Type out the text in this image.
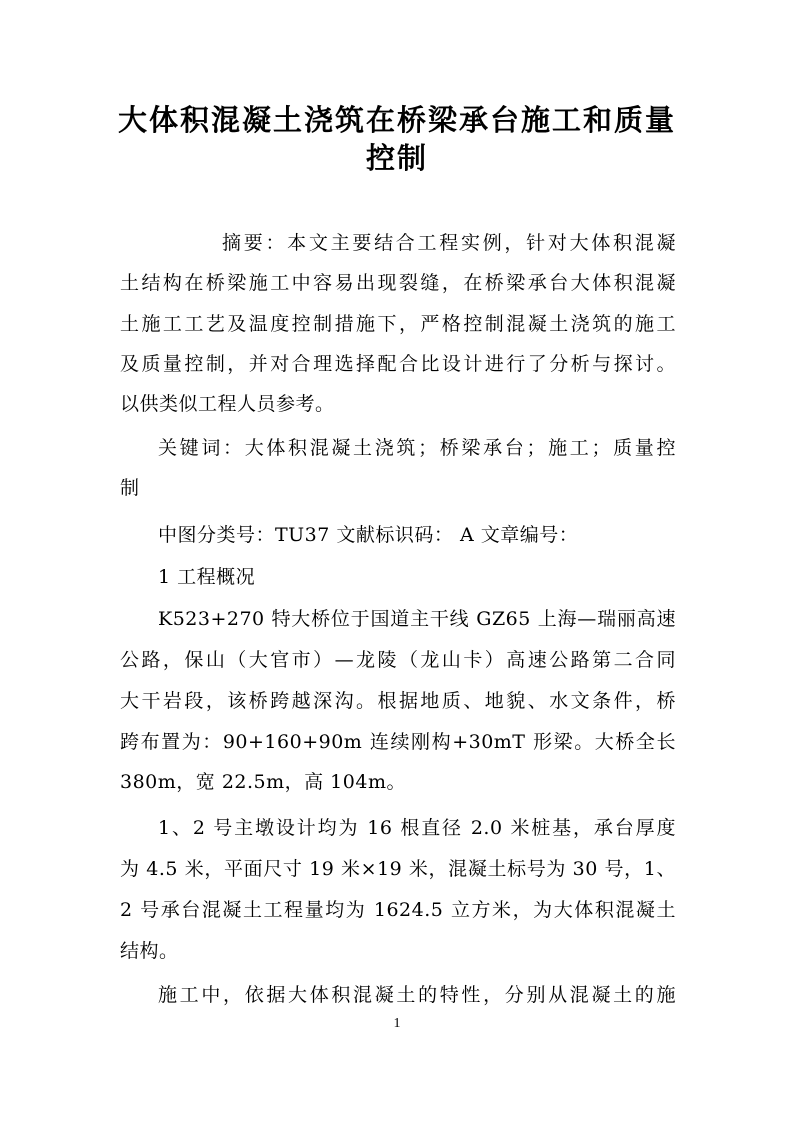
大体积混凝土浇筑在桥梁承台施工和质量
控制
摘要：本文主要结合工程实例，针对大体积混凝
土结构在桥梁施工中容易出现裂缝，在桥梁承台大体积混凝
土施工工艺及温度控制措施下，严格控制混凝土浇筑的施工
及质量控制，并对合理选择配合比设计进行了分析与探讨。
以供类似工程人员参考。
关键词：大体积混凝土浇筑；桥梁承台；施工；质量控
制
中图分类号：TU37 文献标识码： A 文章编号：
1 工程概况
K523+270 特大桥位于国道主干线 GZ65 上海—瑞丽高速
公路，保山（大官市）—龙陵（龙山卡）高速公路第二合同
大干岩段，该桥跨越深沟。根据地质、地貌、水文条件，桥
跨布置为：90+160+90m 连续刚构+30mT 形梁。大桥全长
380m，宽 22.5m，高 104m。
1、2 号主墩设计均为 16 根直径 2.0 米桩基，承台厚度
为 4.5 米，平面尺寸 19 米×19 米，混凝土标号为 30 号，1、
2 号承台混凝土工程量均为 1624.5 立方米，为大体积混凝土
结构。
施工中，依据大体积混凝土的特性，分别从混凝土的施
1
